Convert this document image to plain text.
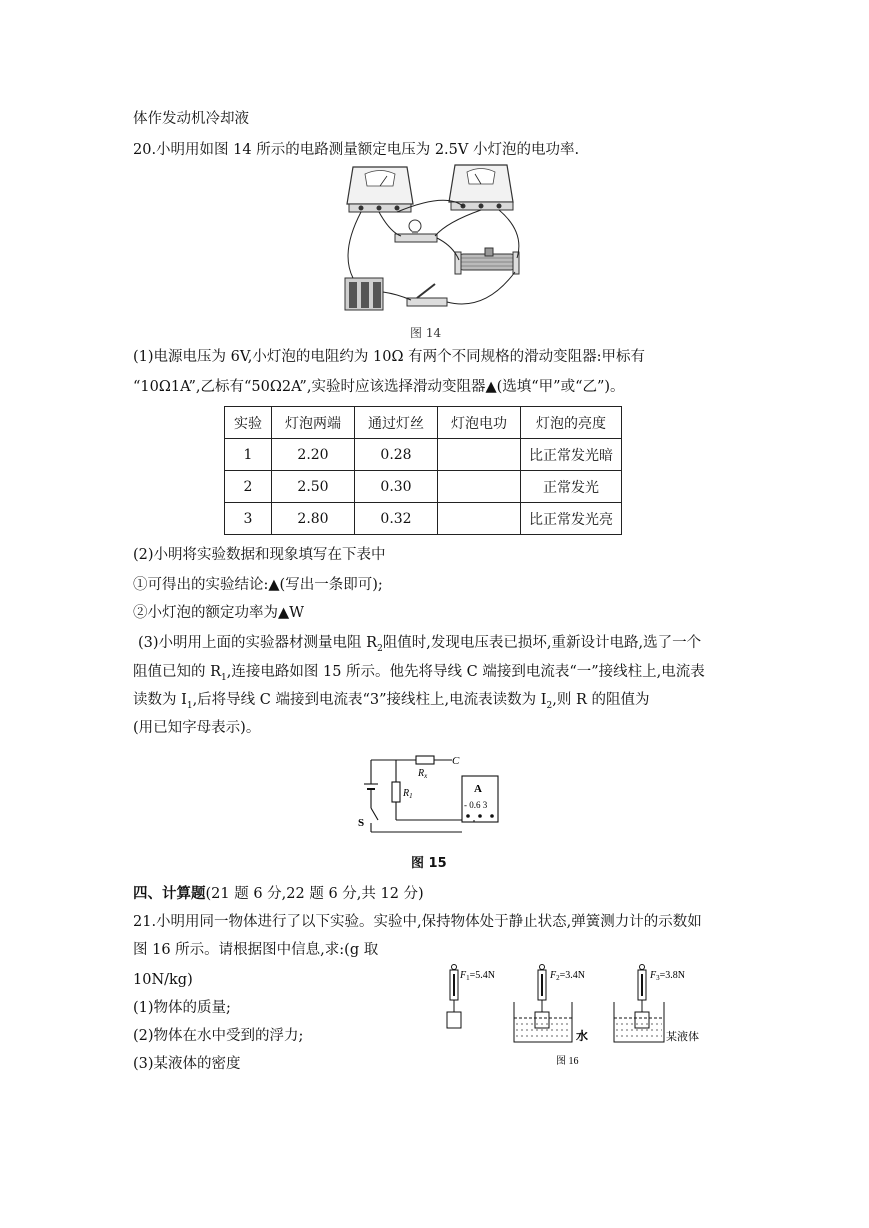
体作发动机冷却液
20.小明用如图 14 所示的电路测量额定电压为 2.5V 小灯泡的电功率.
图 14
(1)电源电压为 6V,小灯泡的电阻约为 10Ω 有两个不同规格的滑动变阻器:甲标有
“10Ω1A”,乙标有“50Ω2A”,实验时应该选择滑动变阻器▲(选填“甲”或“乙”)。
实验	灯泡两端	通过灯丝	灯泡电功	灯泡的亮度
1	2.20	0.28		比正常发光暗
2	2.50	0.30		正常发光
3	2.80	0.32		比正常发光亮
(2)小明将实验数据和现象填写在下表中
①可得出的实验结论:▲(写出一条即可);
②小灯泡的额定功率为▲W
(3)小明用上面的实验器材测量电阻 $R_2$阻值时,发现电压表已损坏,重新设计电路,选了一个
阻值已知的 $R_1$,连接电路如图 15 所示。他先将导线 C 端接到电流表“一”接线柱上,电流表
读数为 $I_1$,后将导线 C 端接到电流表“3”接线柱上,电流表读数为 $I_2$,则 R 的阻值为
(用已知字母表示)。
$R_x$
C
$R_1$
A
- 0.6 3
S
图 15
四、计算题(21 题 6 分,22 题 6 分,共 12 分)
21.小明用同一物体进行了以下实验。实验中,保持物体处于静止状态,弹簧测力计的示数如
图 16 所示。请根据图中信息,求:(g 取
10N/kg)
(1)物体的质量;
(2)物体在水中受到的浮力;
(3)某液体的密度
$F_1=5.4N$	$F_2=3.4N$	$F_3=3.8N$
水	某液体
图 16
